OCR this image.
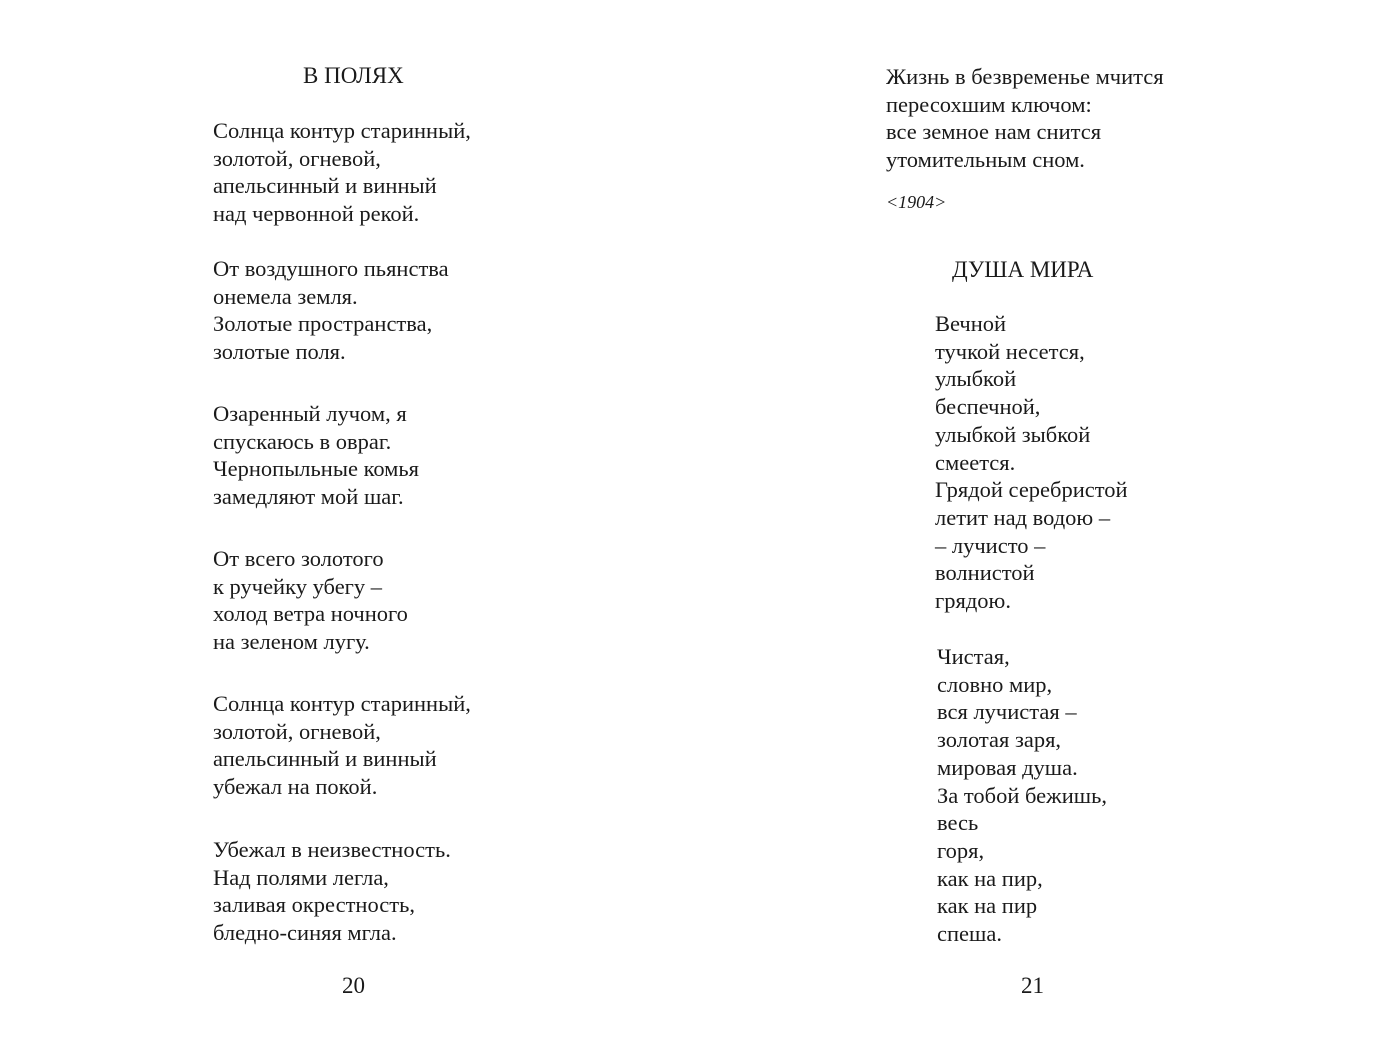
В ПОЛЯХ
Солнца контур старинный,
золотой, огневой,
апельсинный и винный
над червонной рекой.
От воздушного пьянства
онемела земля.
Золотые пространства,
золотые поля.
Озаренный лучом, я
спускаюсь в овраг.
Чернопыльные комья
замедляют мой шаг.
От всего золотого
к ручейку убегу –
холод ветра ночного
на зеленом лугу.
Солнца контур старинный,
золотой, огневой,
апельсинный и винный
убежал на покой.
Убежал в неизвестность.
Над полями легла,
заливая окрестность,
бледно-синяя мгла.
20
Жизнь в безвременье мчится
пересохшим ключом:
все земное нам снится
утомительным сном.
<1904>
ДУША МИРА
Вечной
тучкой несется,
улыбкой
беспечной,
улыбкой зыбкой
смеется.
Грядой серебристой
летит над водою –
– лучисто –
волнистой
грядою.
Чистая,
словно мир,
вся лучистая –
золотая заря,
мировая душа.
За тобой бежишь,
весь
горя,
как на пир,
как на пир
спеша.
21
